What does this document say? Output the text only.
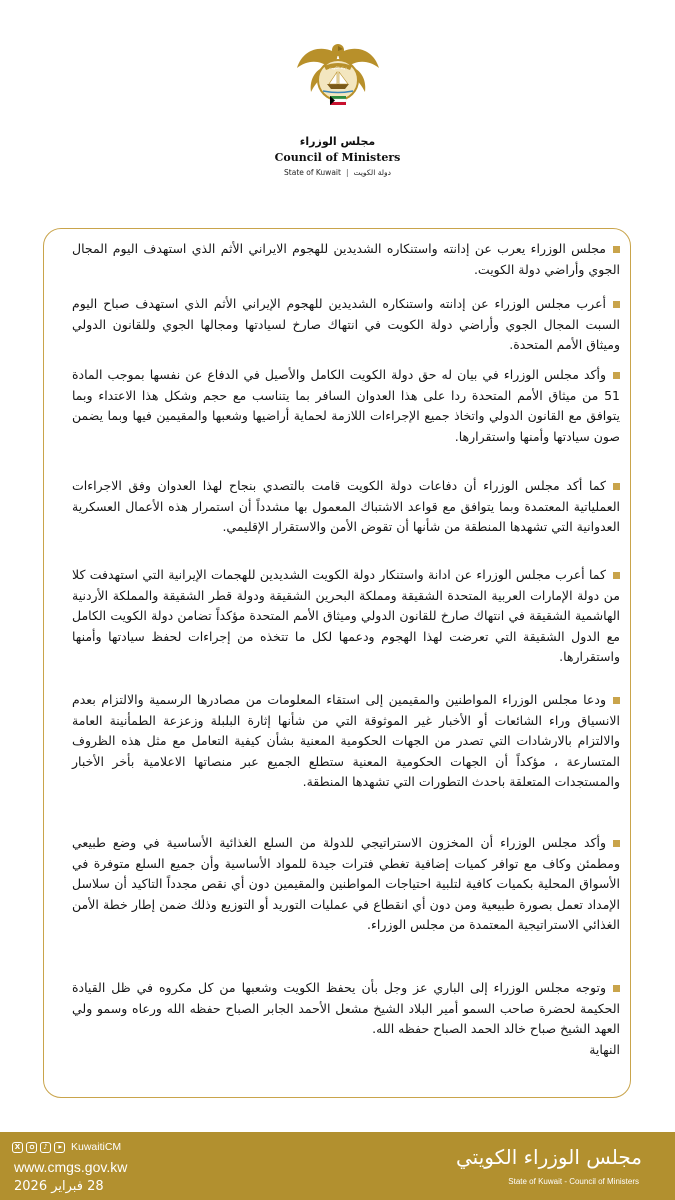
دولة الكويت
مجلس الوزراء
Council of Ministers
State of Kuwait | دولة الكويت
مجلس الوزراء يعرب عن إدانته واستنكاره الشديدين للهجوم الايراني الأثم الذي استهدف اليوم المجال الجوي وأراضي دولة الكويت.
أعرب مجلس الوزراء عن إدانته واستنكاره الشديدين للهجوم الإيراني الأثم الذي استهدف صباح اليوم السبت المجال الجوي وأراضي دولة الكويت في انتهاك صارخ لسيادتها ومجالها الجوي وللقانون الدولي وميثاق الأمم المتحدة.
وأكد مجلس الوزراء في بيان له حق دولة الكويت الكامل والأصيل في الدفاع عن نفسها بموجب المادة 51 من ميثاق الأمم المتحدة ردا على هذا العدوان السافر بما يتناسب مع حجم وشكل هذا الاعتداء وبما يتوافق مع القانون الدولي واتخاذ جميع الإجراءات اللازمة لحماية أراضيها وشعبها والمقيمين فيها وبما يضمن صون سيادتها وأمنها واستقرارها.
كما أكد مجلس الوزراء أن دفاعات دولة الكويت قامت بالتصدي بنجاح لهذا العدوان وفق الاجراءات العملياتية المعتمدة وبما يتوافق مع قواعد الاشتباك المعمول بها مشدداً أن استمرار هذه الأعمال العسكرية العدوانية التي تشهدها المنطقة من شأنها أن تقوض الأمن والاستقرار الإقليمي.
كما أعرب مجلس الوزراء عن ادانة واستنكار دولة الكويت الشديدين للهجمات الإيرانية التي استهدفت كلا من دولة الإمارات العربية المتحدة الشقيقة ومملكة البحرين الشقيقة ودولة قطر الشقيقة والمملكة الأردنية الهاشمية الشقيقة في انتهاك صارخ للقانون الدولي وميثاق الأمم المتحدة مؤكداً تضامن دولة الكويت الكامل مع الدول الشقيقة التي تعرضت لهذا الهجوم ودعمها لكل ما تتخذه من إجراءات لحفظ سيادتها وأمنها واستقرارها.
ودعا مجلس الوزراء المواطنين والمقيمين إلى استقاء المعلومات من مصادرها الرسمية والالتزام بعدم الانسياق وراء الشائعات أو الأخبار غير الموثوقة التي من شأنها إثارة البلبلة وزعزعة الطمأنينة العامة والالتزام بالارشادات التي تصدر من الجهات الحكومية المعنية بشأن كيفية التعامل مع مثل هذه الظروف المتسارعة ، مؤكداً أن الجهات الحكومية المعنية ستطلع الجميع عبر منصاتها الاعلامية بأخر الأخبار والمستجدات المتعلقة باحدث التطورات التي تشهدها المنطقة.
وأكد مجلس الوزراء أن المخزون الاستراتيجي للدولة من السلع الغذائية الأساسية في وضع طبيعي ومطمئن وكاف مع توافر كميات إضافية تغطي فترات جيدة للمواد الأساسية وأن جميع السلع متوفرة في الأسواق المحلية بكميات كافية لتلبية احتياجات المواطنين والمقيمين دون أي نقص مجدداً التاكيد أن سلاسل الإمداد تعمل بصورة طبيعية ومن دون أي انقطاع في عمليات التوريد أو التوزيع وذلك ضمن إطار خطة الأمن الغذائي الاستراتيجية المعتمدة من مجلس الوزراء.
وتوجه مجلس الوزراء إلى الباري عز وجل بأن يحفظ الكويت وشعبها من كل مكروه في ظل القيادة الحكيمة لحضرة صاحب السمو أمير البلاد الشيخ مشعل الأحمد الجابر الصباح حفظه الله ورعاه وسمو ولي العهد الشيخ صباح خالد الحمد الصباح حفظه الله.
النهاية
X	♪	KuwaitiCM
www.cmgs.gov.kw
28 فبراير 2026
مجلس الوزراء الكويتي
State of Kuwait - Council of Ministers
